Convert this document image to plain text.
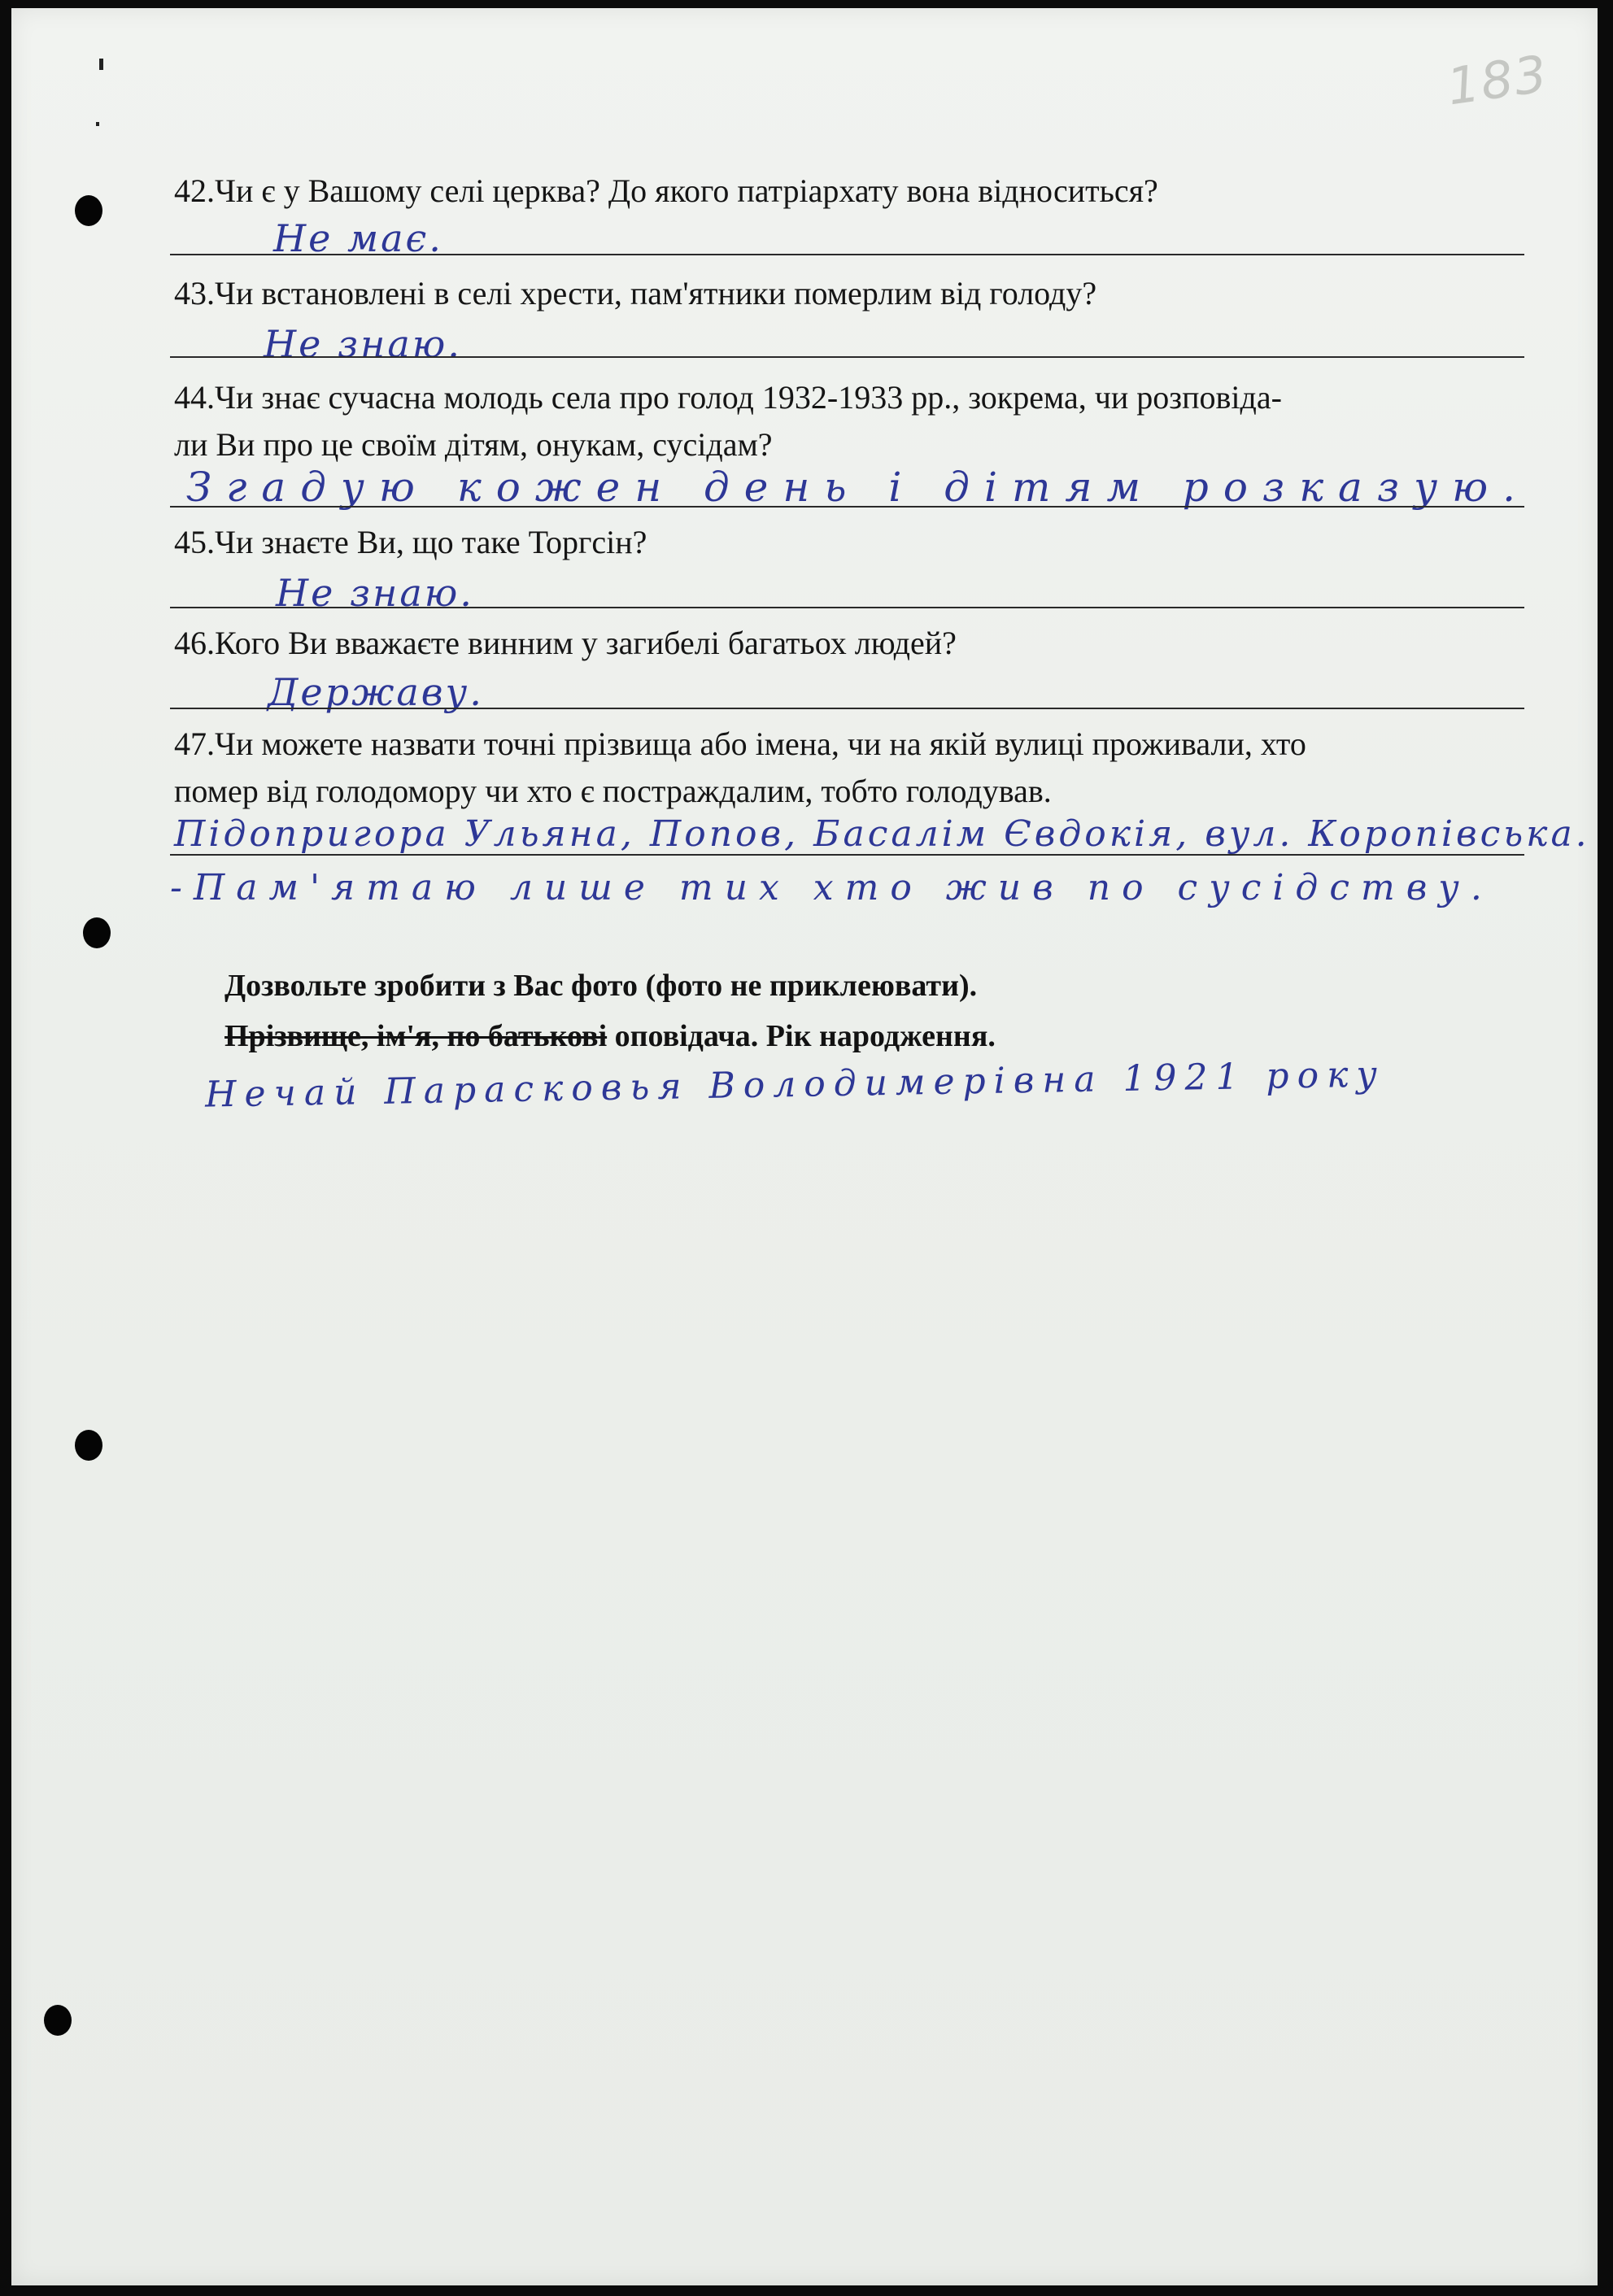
183
42.Чи є у Вашому селі церква? До якого патріархату вона відноситься?
Не має.
43.Чи встановлені в селі хрести, пам'ятники померлим від голоду?
Не знаю.
44.Чи знає сучасна молодь села про голод 1932-1933 рр., зокрема, чи розповіда-
ли Ви про це своїм дітям, онукам, сусідам?
Згадую кожен день і дітям розказую.
45.Чи знаєте Ви, що таке Торгсін?
Не знаю.
46.Кого Ви вважаєте винним у загибелі багатьох людей?
Державу.
47.Чи можете назвати точні прізвища або імена, чи на якій вулиці проживали, хто
помер від голодомору чи хто є постраждалим, тобто голодував.
Підопригора Ульяна, Попов, Басалім Євдокія, вул. Коропівська.
-Пам'ятаю лише тих хто жив по сусідству.
Дозвольте зробити з Вас фото (фото не приклеювати).
Прізвище, ім'я, по батькові оповідача. Рік народження.
Нечай Парасковья Володимерівна 1921 року
